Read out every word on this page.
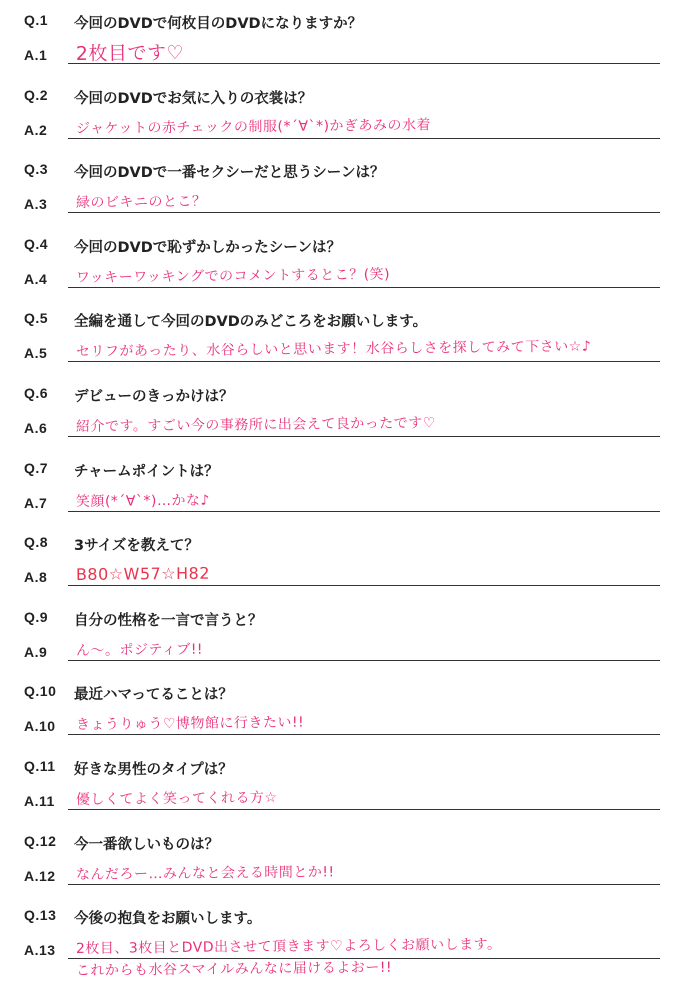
Q.1 今回のDVDで何枚目のDVDになりますか？
A.1 2枚目です♡
Q.2 今回のDVDでお気に入りの衣裳は？
A.2 ジャケットの赤チェックの制服(*´∀`*)かぎあみの水着
Q.3 今回のDVDで一番セクシーだと思うシーンは？
A.3 緑のビキニのとこ？
Q.4 今回のDVDで恥ずかしかったシーンは？
A.4 ワッキーワッキングでのコメントするとこ？(笑)
Q.5 全編を通して今回のDVDのみどころをお願いします。
A.5 セリフがあったり、水谷らしいと思います！水谷らしさを探してみて下さい☆♪
Q.6 デビューのきっかけは？
A.6 紹介です。すごい今の事務所に出会えて良かったです♡
Q.7 チャームポイントは？
A.7 笑顔(*´∀`*)…かな♪
Q.8 3サイズを教えて？
A.8 B80☆W57☆H82
Q.9 自分の性格を一言で言うと？
A.9 ん〜。ポジティブ!!
Q.10 最近ハマってることは？
A.10 きょうりゅう♡博物館に行きたい!!
Q.11 好きな男性のタイプは？
A.11 優しくてよく笑ってくれる方☆
Q.12 今一番欲しいものは？
A.12 なんだろー…みんなと会える時間とか!!
Q.13 今後の抱負をお願いします。
A.13 2枚目、3枚目とDVD出させて頂きます♡よろしくお願いします。
これからも水谷スマイルみんなに届けるよおー!!
